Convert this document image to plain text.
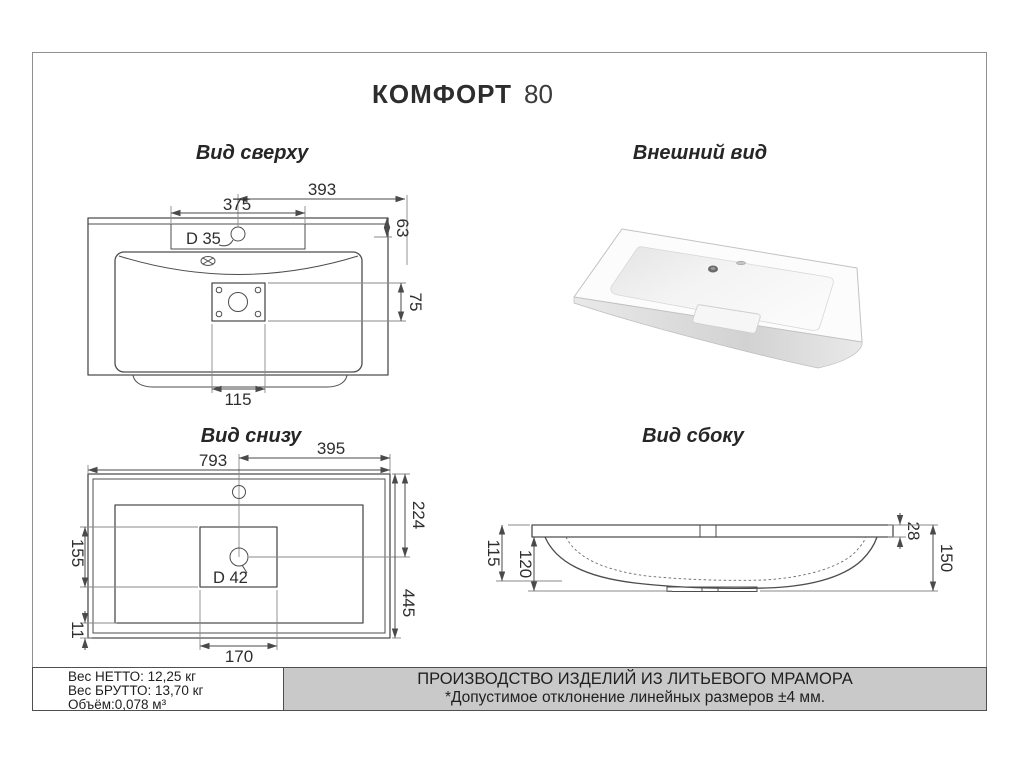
КОМФОРТ 80
Вид сверху	Внешний вид
Вид снизу	Вид сбоку
393
375
63
75
115
D 35
793
395
224
445
155
11
170
D 42
115 120
28
150
Вес НЕТТО: 12,25 кг
Вес БРУТТО: 13,70 кг
Объём:0,078 м³
ПРОИЗВОДСТВО ИЗДЕЛИЙ ИЗ ЛИТЬЕВОГО МРАМОРА
*Допустимое отклонение линейных размеров ±4 мм.
